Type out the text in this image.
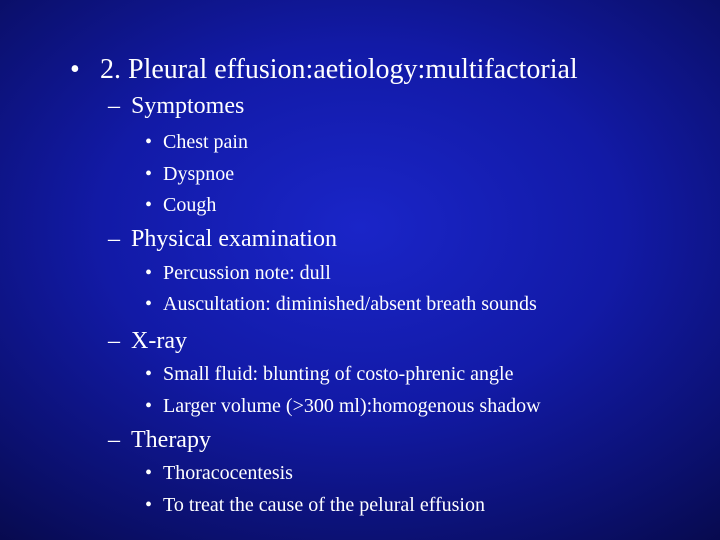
• 2. Pleural effusion:aetiology:multifactorial
– Symptomes
• Chest pain
• Dyspnoe
• Cough
– Physical examination
• Percussion note: dull
• Auscultation: diminished/absent breath sounds
– X-ray
• Small fluid: blunting of costo-phrenic angle
• Larger volume (>300 ml):homogenous shadow
– Therapy
• Thoracocentesis
• To treat the cause of the pelural effusion
